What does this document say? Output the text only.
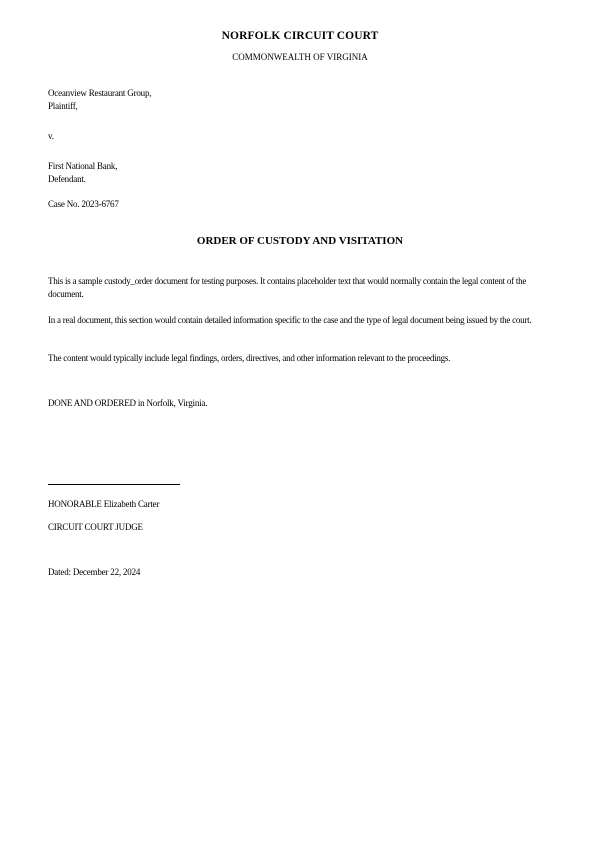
NORFOLK CIRCUIT COURT

COMMONWEALTH OF VIRGINIA

Oceanview Restaurant Group,

Plaintiff,

v.

First National Bank,

Defendant.

Case No. 2023-6767

ORDER OF CUSTODY AND VISITATION

This is a sample custody_order document for testing purposes. It contains placeholder text that would normally contain the legal content of the document.

In a real document, this section would contain detailed information specific to the case and the type of legal document being issued by the court.

The content would typically include legal findings, orders, directives, and other information relevant to the proceedings.

DONE AND ORDERED in Norfolk, Virginia.

HONORABLE Elizabeth Carter

CIRCUIT COURT JUDGE

Dated: December 22, 2024
